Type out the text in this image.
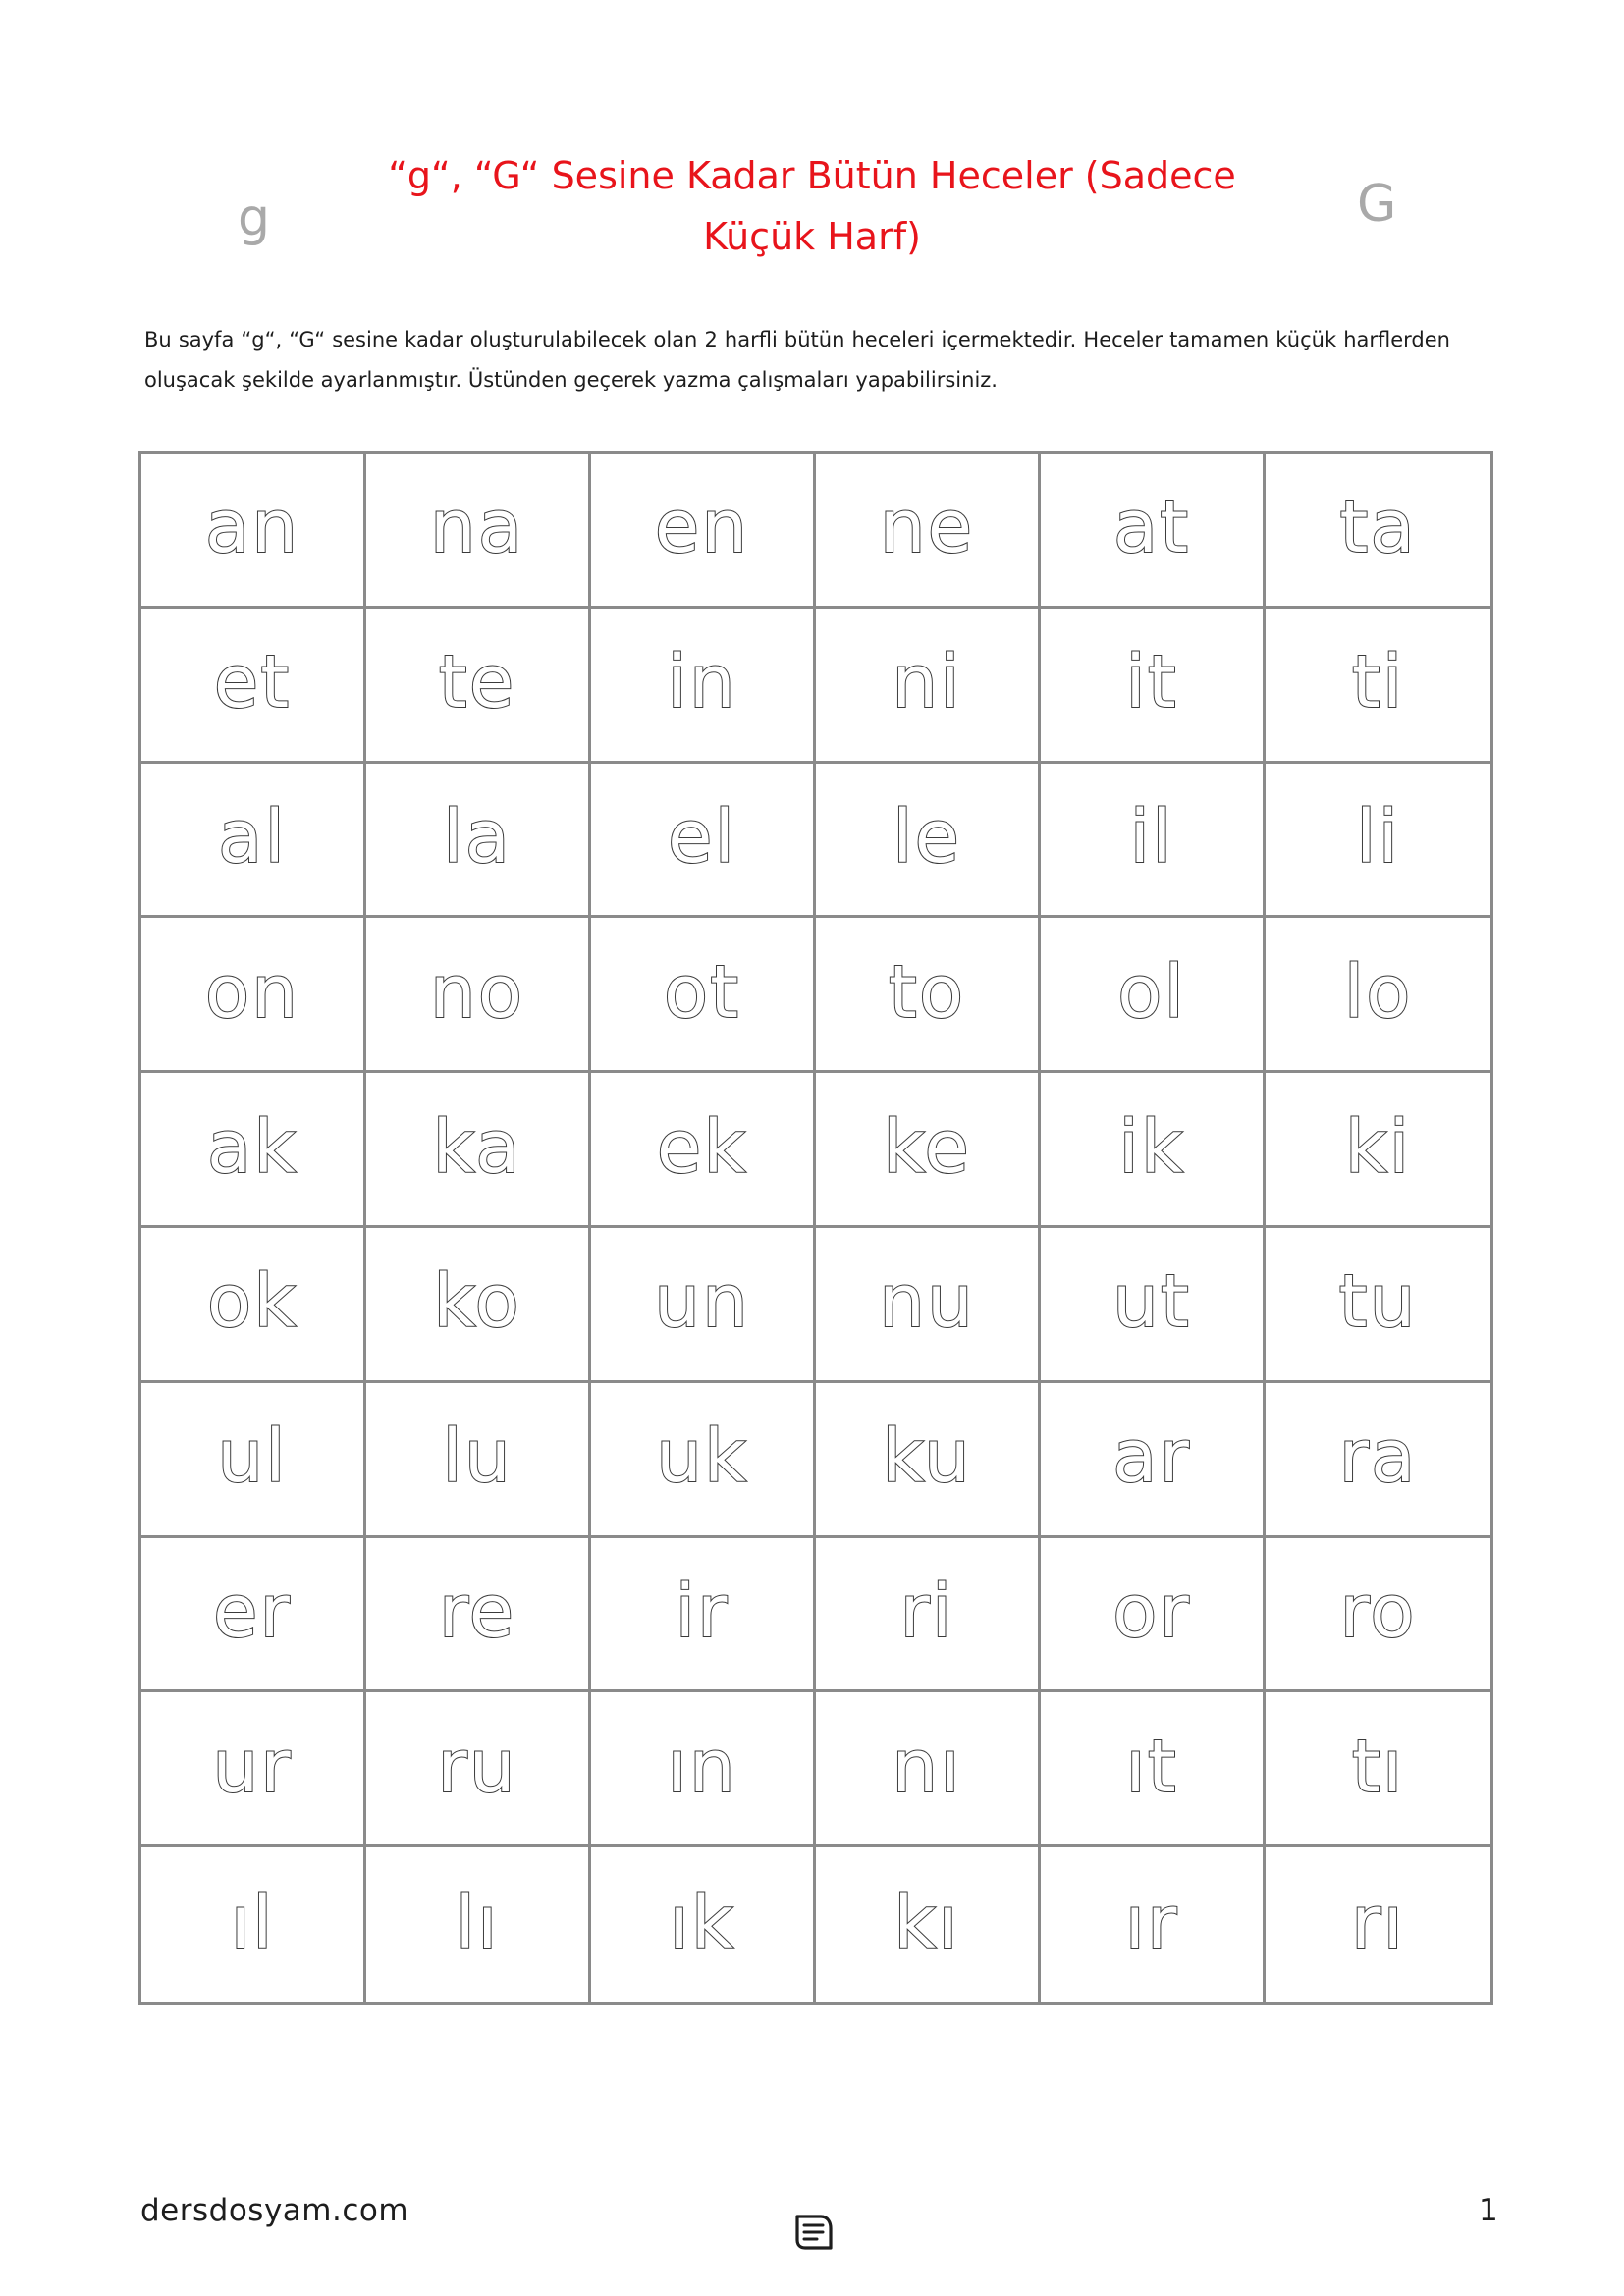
g	G
“g“, “G“ Sesine Kadar Bütün Heceler (Sadece
Küçük Harf)
Bu sayfa “g“, “G“ sesine kadar oluşturulabilecek olan 2 harfli bütün heceleri içermektedir. Heceler tamamen küçük harflerden oluşacak şekilde ayarlanmıştır. Üstünden geçerek yazma çalışmaları yapabilirsiniz.
an na en ne at ta
et te in ni it ti
al la el le il	li
on no ot to ol lo
ak ka ek ke ik ki
ok ko un nu ut tu
ul lu uk ku ar ra
er re ir ri or ro
ur ru ın nı ıt tı
ıl lı ık kı ır rı
dersdosyam.com	1
